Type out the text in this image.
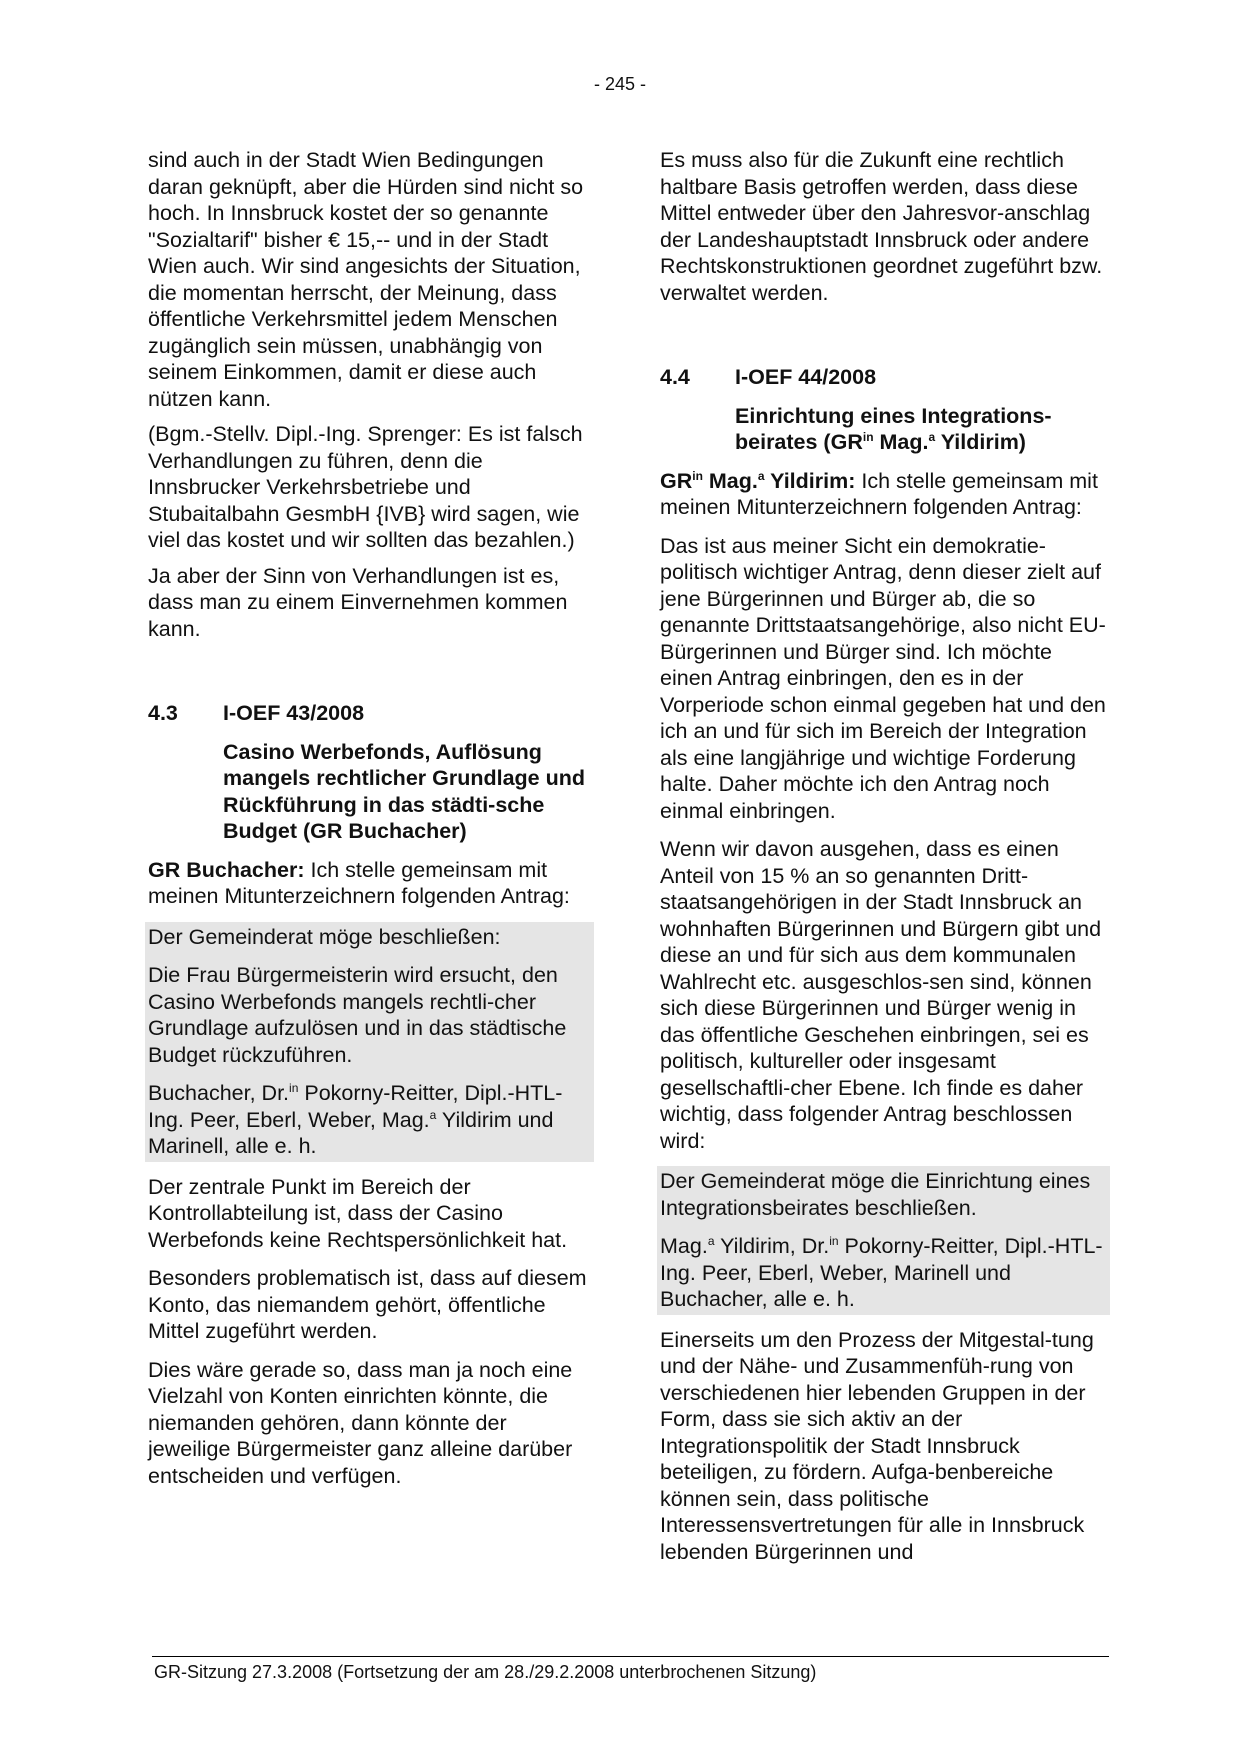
- 245 -

sind auch in der Stadt Wien Bedingungen daran geknüpft, aber die Hürden sind nicht so hoch. In Innsbruck kostet der so genannte "Sozialtarif" bisher € 15,-- und in der Stadt Wien auch. Wir sind angesichts der Situation, die momentan herrscht, der Meinung, dass öffentliche Verkehrsmittel jedem Menschen zugänglich sein müssen, unabhängig von seinem Einkommen, damit er diese auch nützen kann.

(Bgm.-Stellv. Dipl.-Ing. Sprenger: Es ist falsch Verhandlungen zu führen, denn die Innsbrucker Verkehrsbetriebe und Stubaitalbahn GesmbH {IVB} wird sagen, wie viel das kostet und wir sollten das bezahlen.)

Ja aber der Sinn von Verhandlungen ist es, dass man zu einem Einvernehmen kommen kann.

4.3	I-OEF 43/2008
Casino Werbefonds, Auflösung mangels rechtlicher Grundlage und Rückführung in das städti-sche Budget (GR Buchacher)

GR Buchacher: Ich stelle gemeinsam mit meinen Mitunterzeichnern folgenden Antrag:

Der Gemeinderat möge beschließen:

Die Frau Bürgermeisterin wird ersucht, den Casino Werbefonds mangels rechtli-cher Grundlage aufzulösen und in das städtische Budget rückzuführen.

Buchacher, Dr.$^{in}$ Pokorny-Reitter, Dipl.-HTL-Ing. Peer, Eberl, Weber, Mag.$^a$ Yildirim und Marinell, alle e. h.

Der zentrale Punkt im Bereich der Kontrollabteilung ist, dass der Casino Werbefonds keine Rechtspersönlichkeit hat.

Besonders problematisch ist, dass auf diesem Konto, das niemandem gehört, öffentliche Mittel zugeführt werden.

Dies wäre gerade so, dass man ja noch eine Vielzahl von Konten einrichten könnte, die niemanden gehören, dann könnte der jeweilige Bürgermeister ganz alleine darüber entscheiden und verfügen.

Es muss also für die Zukunft eine rechtlich haltbare Basis getroffen werden, dass diese Mittel entweder über den Jahresvor-anschlag der Landeshauptstadt Innsbruck oder andere Rechtskonstruktionen geordnet zugeführt bzw. verwaltet werden.

4.4	I-OEF 44/2008
Einrichtung eines Integrations-beirates ($GR^{in}$ Mag.$^a$ Yildirim)

$GR^{in}$ Mag.$^a$ Yildirim: Ich stelle gemeinsam mit meinen Mitunterzeichnern folgenden Antrag:

Das ist aus meiner Sicht ein demokratie-politisch wichtiger Antrag, denn dieser zielt auf jene Bürgerinnen und Bürger ab, die so genannte Drittstaatsangehörige, also nicht EU-Bürgerinnen und Bürger sind. Ich möchte einen Antrag einbringen, den es in der Vorperiode schon einmal gegeben hat und den ich an und für sich im Bereich der Integration als eine langjährige und wichtige Forderung halte. Daher möchte ich den Antrag noch einmal einbringen.

Wenn wir davon ausgehen, dass es einen Anteil von 15 % an so genannten Dritt-staatsangehörigen in der Stadt Innsbruck an wohnhaften Bürgerinnen und Bürgern gibt und diese an und für sich aus dem kommunalen Wahlrecht etc. ausgeschlos-sen sind, können sich diese Bürgerinnen und Bürger wenig in das öffentliche Geschehen einbringen, sei es politisch, kultureller oder insgesamt gesellschaftli-cher Ebene. Ich finde es daher wichtig, dass folgender Antrag beschlossen wird:

Der Gemeinderat möge die Einrichtung eines Integrationsbeirates beschließen.

Mag.$^a$ Yildirim, Dr.$^{in}$ Pokorny-Reitter, Dipl.-HTL-Ing. Peer, Eberl, Weber, Marinell und Buchacher, alle e. h.

Einerseits um den Prozess der Mitgestal-tung und der Nähe- und Zusammenfüh-rung von verschiedenen hier lebenden Gruppen in der Form, dass sie sich aktiv an der Integrationspolitik der Stadt Innsbruck beteiligen, zu fördern. Aufga-benbereiche können sein, dass politische Interessensvertretungen für alle in Innsbruck lebenden Bürgerinnen und

GR-Sitzung 27.3.2008 (Fortsetzung der am 28./29.2.2008 unterbrochenen Sitzung)
